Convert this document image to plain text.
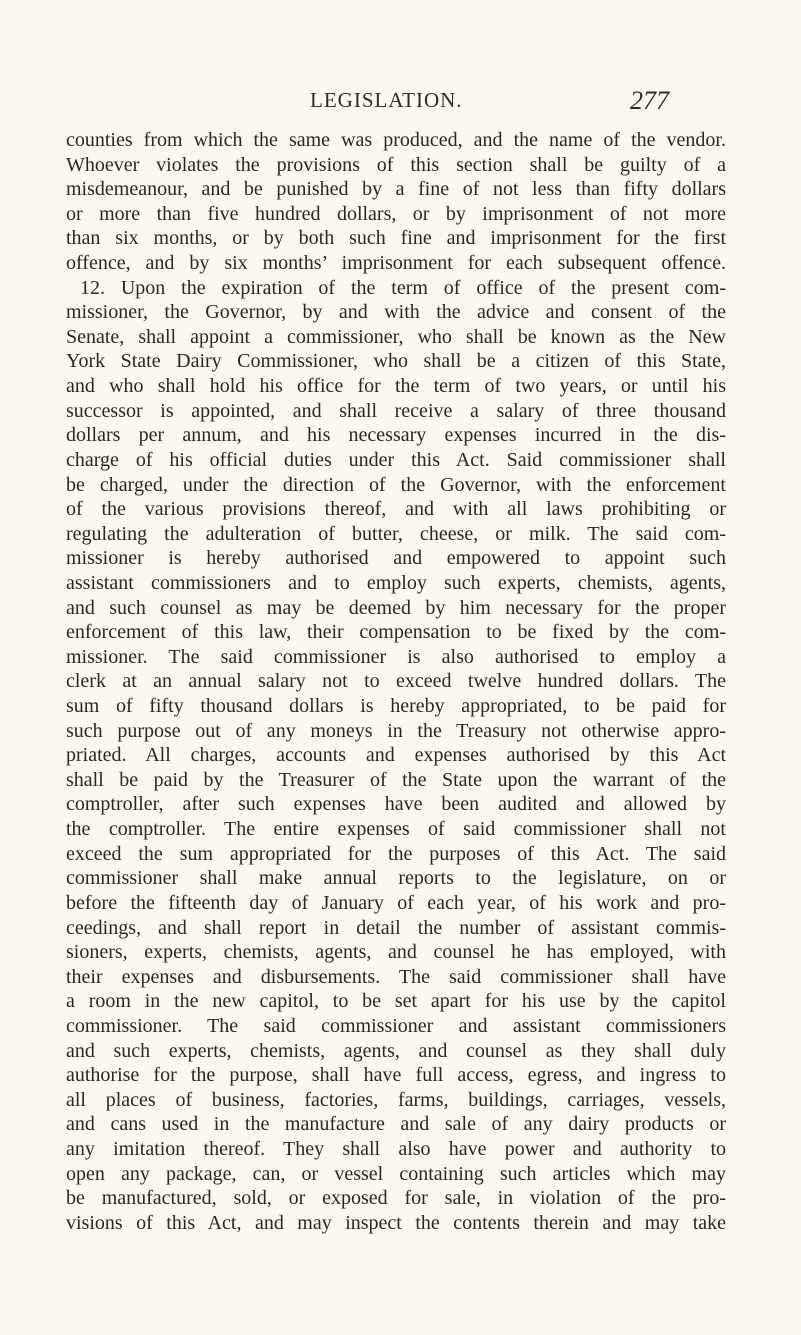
LEGISLATION.	277
counties from which the same was produced, and the name of the vendor.
Whoever violates the provisions of this section shall be guilty of a
misdemeanour, and be punished by a fine of not less than fifty dollars
or more than five hundred dollars, or by imprisonment of not more
than six months, or by both such fine and imprisonment for the first
offence, and by six months’ imprisonment for each subsequent offence.
12. Upon the expiration of the term of office of the present com-
missioner, the Governor, by and with the advice and consent of the
Senate, shall appoint a commissioner, who shall be known as the New
York State Dairy Commissioner, who shall be a citizen of this State,
and who shall hold his office for the term of two years, or until his
successor is appointed, and shall receive a salary of three thousand
dollars per annum, and his necessary expenses incurred in the dis-
charge of his official duties under this Act. Said commissioner shall
be charged, under the direction of the Governor, with the enforcement
of the various provisions thereof, and with all laws prohibiting or
regulating the adulteration of butter, cheese, or milk. The said com-
missioner is hereby authorised and empowered to appoint such
assistant commissioners and to employ such experts, chemists, agents,
and such counsel as may be deemed by him necessary for the proper
enforcement of this law, their compensation to be fixed by the com-
missioner. The said commissioner is also authorised to employ a
clerk at an annual salary not to exceed twelve hundred dollars. The
sum of fifty thousand dollars is hereby appropriated, to be paid for
such purpose out of any moneys in the Treasury not otherwise appro-
priated. All charges, accounts and expenses authorised by this Act
shall be paid by the Treasurer of the State upon the warrant of the
comptroller, after such expenses have been audited and allowed by
the comptroller. The entire expenses of said commissioner shall not
exceed the sum appropriated for the purposes of this Act. The said
commissioner shall make annual reports to the legislature, on or
before the fifteenth day of January of each year, of his work and pro-
ceedings, and shall report in detail the number of assistant commis-
sioners, experts, chemists, agents, and counsel he has employed, with
their expenses and disbursements. The said commissioner shall have
a room in the new capitol, to be set apart for his use by the capitol
commissioner. The said commissioner and assistant commissioners
and such experts, chemists, agents, and counsel as they shall duly
authorise for the purpose, shall have full access, egress, and ingress to
all places of business, factories, farms, buildings, carriages, vessels,
and cans used in the manufacture and sale of any dairy products or
any imitation thereof. They shall also have power and authority to
open any package, can, or vessel containing such articles which may
be manufactured, sold, or exposed for sale, in violation of the pro-
visions of this Act, and may inspect the contents therein and may take
